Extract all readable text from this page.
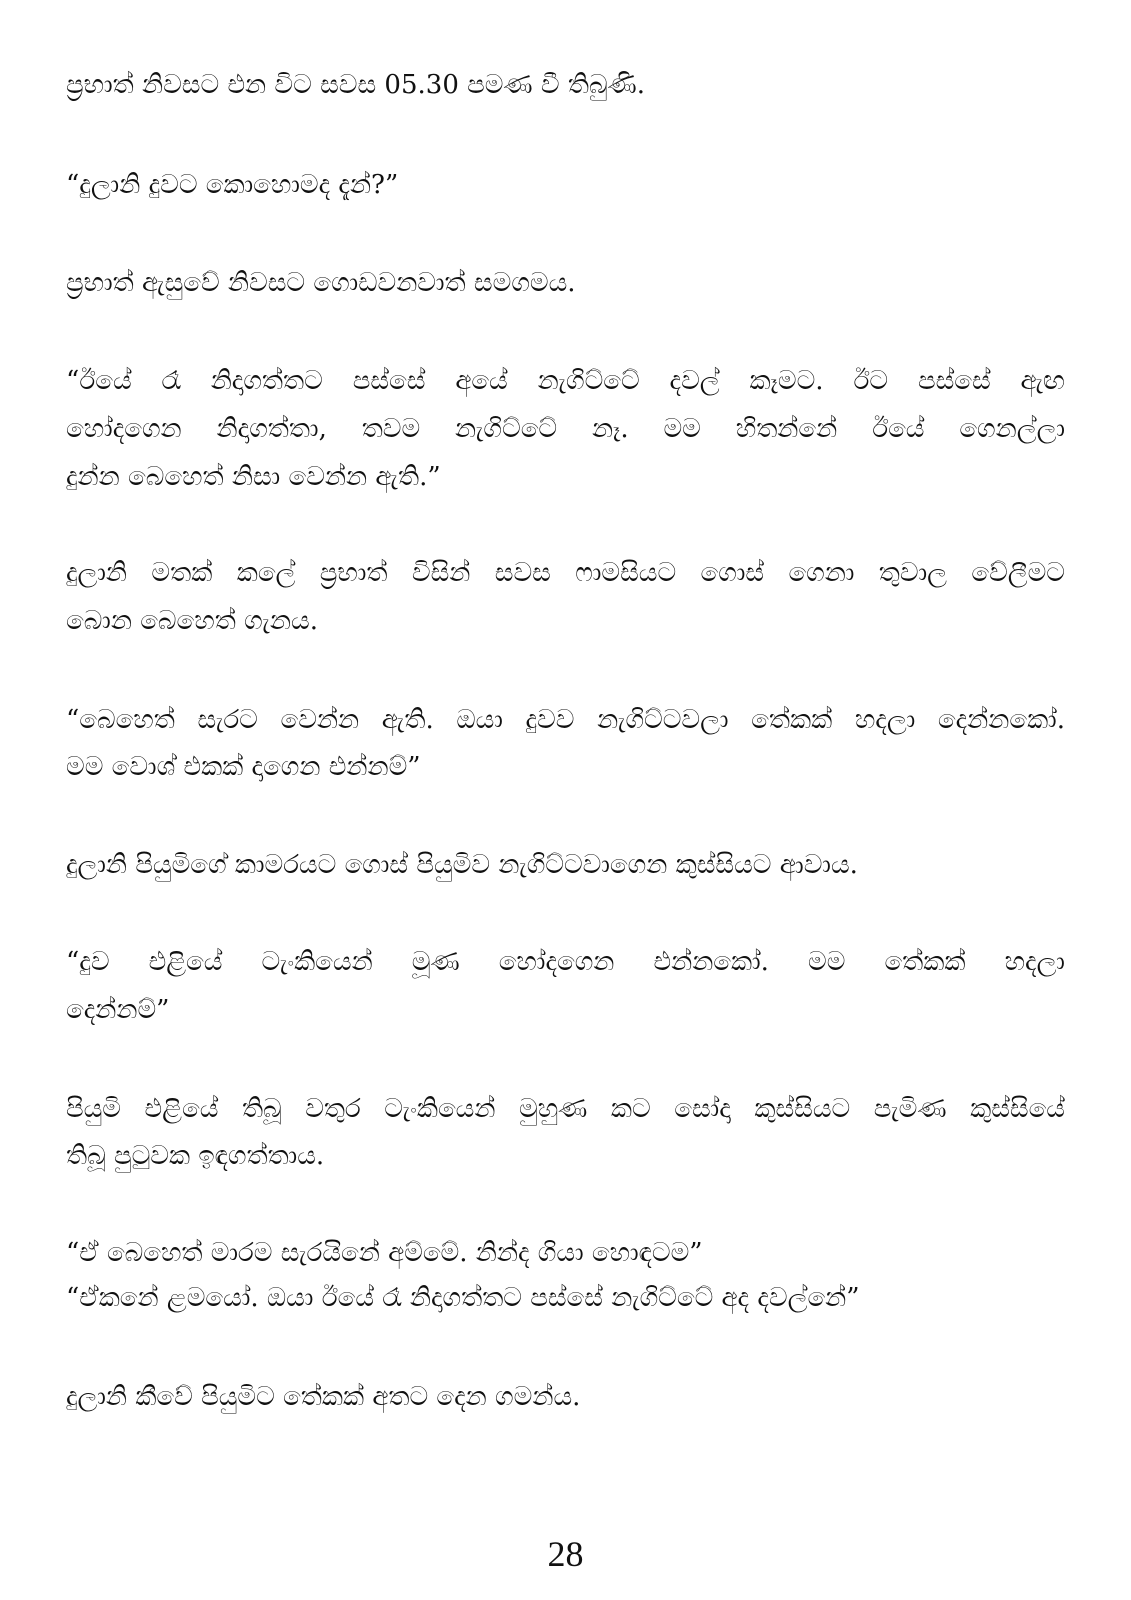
ප්‍රභාත් නිවසට එන විට සවස 05.30 පමණ වී තිබුණි.
“දුලානි දුවට කොහොමද දැන්?”
ප්‍රභාත් ඇසුවේ නිවසට ගොඩවනවාත් සමගමය.
“ඊයේ රෑ නිදාගත්තට පස්සේ අයේ නැගිට්ටේ දවල් කෑමට. ඊට පස්සේ ඇඟ
හෝදගෙන නිදාගත්තා, තවම නැගිට්ටේ නෑ. මම හිතන්නේ ඊයේ ගෙනල්ලා
දුන්න බෙහෙත් නිසා වෙන්න ඇති.”
දුලානි මතක් කලේ ප්‍රභාත් විසින් සවස ෆාමසියට ගොස් ගෙනා තුවාල වේලීමට
බොන බෙහෙත් ගැනය.
“බෙහෙත් සැරට වෙන්න ඇති. ඔයා දුවව නැගිට්ටවලා තේකක් හදලා දෙන්නකෝ.
මම වොශ් එකක් දාගෙන එන්නම්”
දුලානි පියුමිගේ කාමරයට ගොස් පියුමිව නැගිට්ටවාගෙන කුස්සියට ආවාය.
“දුව එළියේ ටැංකියෙන් මූණ හෝදගෙන එන්නකෝ. මම තේකක් හදලා
දෙන්නම්”
පියුමි එළියේ තිබූ වතුර ටැංකියෙන් මුහුණ කට සෝදා කුස්සියට පැමිණ කුස්සියේ
තිබූ පුටුවක ඉඳගත්තාය.
“ඒ බෙහෙත් මාරම සැරයිනේ අම්මේ. නින්ද ගියා හොඳටම”
“ඒකනේ ළමයෝ. ඔයා ඊයේ රෑ නිදාගත්තට පස්සේ නැගිට්ටේ අද දවල්නේ”
දුලානි කීවේ පියුමිට තේකක් අතට දෙන ගමන්ය.
28
